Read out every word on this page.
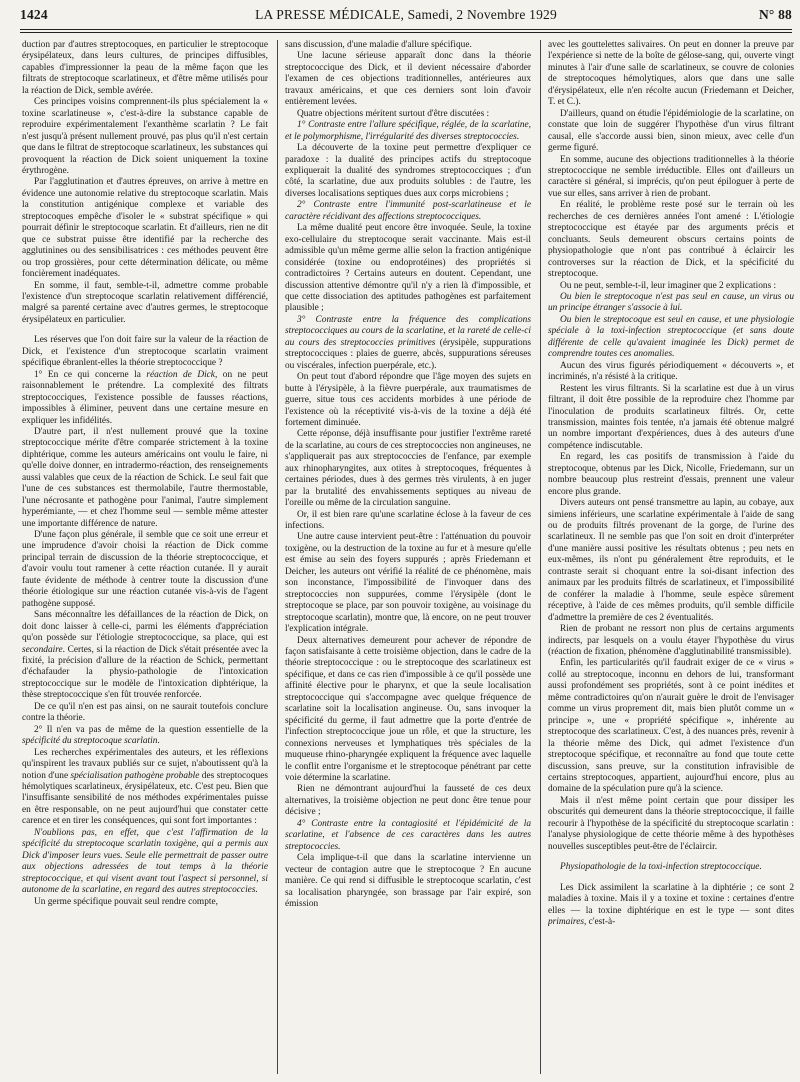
1424	LA PRESSE MÉDICALE, Samedi, 2 Novembre 1929	N° 88

duction par d'autres streptocoques, en particulier le streptocoque érysipélateux, dans leurs cultures, de principes diffusibles, capables d'impressionner la peau de la même façon que les filtrats de streptocoque scarlatineux, et d'être même utilisés pour la réaction de Dick, semble avérée.

Ces principes voisins comprennent-ils plus spécialement la « toxine scarlatineuse », c'est-à-dire la substance capable de reproduire expérimentalement l'exanthème scarlatin ? Le fait n'est jusqu'à présent nullement prouvé, pas plus qu'il n'est certain que dans le filtrat de streptocoque scarlatineux, les substances qui provoquent la réaction de Dick soient uniquement la toxine érythrogène.

Par l'agglutination et d'autres épreuves, on arrive à mettre en évidence une autonomie relative du streptocoque scarlatin. Mais la constitution antigénique complexe et variable des streptocoques empêche d'isoler le « substrat spécifique » qui pourrait définir le streptocoque scarlatin. Et d'ailleurs, rien ne dit que ce substrat puisse être identifié par la recherche des agglutinines ou des sensibilisatrices : ces méthodes peuvent être ou trop grossières, pour cette détermination délicate, ou même foncièrement inadéquates.

En somme, il faut, semble-t-il, admettre comme probable l'existence d'un streptocoque scarlatin relativement différencié, malgré sa parenté certaine avec d'autres germes, le streptocoque érysipélateux en particulier.

Les réserves que l'on doit faire sur la valeur de la réaction de Dick, et l'existence d'un streptocoque scarlatin vraiment spécifique ébranlent-elles la théorie streptococcique ?

1° En ce qui concerne la réaction de Dick, on ne peut raisonnablement le prétendre. La complexité des filtrats streptococciques, l'existence possible de fausses réactions, impossibles à éliminer, peuvent dans une certaine mesure en expliquer les infidélités.

D'autre part, il n'est nullement prouvé que la toxine streptococcique mérite d'être comparée strictement à la toxine diphtérique, comme les auteurs américains ont voulu le faire, ni qu'elle doive donner, en intradermo-réaction, des renseignements aussi valables que ceux de la réaction de Schick. Le seul fait que l'une de ces substances est thermolabile, l'autre thermostable, l'une nécrosante et pathogène pour l'animal, l'autre simplement hyperémiante, — et chez l'homme seul — semble même attester une importante différence de nature.

D'une façon plus générale, il semble que ce soit une erreur et une imprudence d'avoir choisi la réaction de Dick comme principal terrain de discussion de la théorie streptococcique, et d'avoir voulu tout ramener à cette réaction cutanée. Il y aurait faute évidente de méthode à centrer toute la discussion d'une théorie étiologique sur une réaction cutanée vis-à-vis de l'agent pathogène supposé.

Sans méconnaître les défaillances de la réaction de Dick, on doit donc laisser à celle-ci, parmi les éléments d'appréciation qu'on possède sur l'étiologie streptococcique, sa place, qui est secondaire. Certes, si la réaction de Dick s'était présentée avec la fixité, la précision d'allure de la réaction de Schick, permettant d'échafauder la physio-pathologie de l'intoxication streptococcique sur le modèle de l'intoxication diphtérique, la thèse streptococcique s'en fût trouvée renforcée.

De ce qu'il n'en est pas ainsi, on ne saurait toutefois conclure contre la théorie.

2° Il n'en va pas de même de la question essentielle de la spécificité du streptocoque scarlatin.

Les recherches expérimentales des auteurs, et les réflexions qu'inspirent les travaux publiés sur ce sujet, n'aboutissent qu'à la notion d'une spécialisation pathogène probable des streptocoques hémolytiques scarlatineux, érysipélateux, etc. C'est peu. Bien que l'insuffisante sensibilité de nos méthodes expérimentales puisse en être responsable, on ne peut aujourd'hui que constater cette carence et en tirer les conséquences, qui sont fort importantes :

N'oublions pas, en effet, que c'est l'affirmation de la spécificité du streptocoque scarlatin toxigène, qui a permis aux Dick d'imposer leurs vues. Seule elle permettrait de passer outre aux objections adressées de tout temps à la théorie streptococcique, et qui visent avant tout l'aspect si personnel, si autonome de la scarlatine, en regard des autres streptococcies.

Un germe spécifique pouvait seul rendre compte,

sans discussion, d'une maladie d'allure spécifique.

Une lacune sérieuse apparaît donc dans la théorie streptococcique des Dick, et il devient nécessaire d'aborder l'examen de ces objections traditionnelles, antérieures aux travaux américains, et que ces derniers sont loin d'avoir entièrement levées.

Quatre objections méritent surtout d'être discutées :

1° Contraste entre l'allure spécifique, réglée, de la scarlatine, et le polymorphisme, l'irrégularité des diverses streptococcies.

La découverte de la toxine peut permettre d'expliquer ce paradoxe : la dualité des principes actifs du streptocoque expliquerait la dualité des syndromes streptococciques ; d'un côté, la scarlatine, due aux produits solubles : de l'autre, les diverses localisations septiques dues aux corps microbiens ;

2° Contraste entre l'immunité post-scarlatineuse et le caractère récidivant des affections streptococciques.

La même dualité peut encore être invoquée. Seule, la toxine exo-cellulaire du streptocoque serait vaccinante. Mais est-il admissible qu'un même germe allie selon la fraction antigénique considérée (toxine ou endoprotéines) des propriétés si contradictoires ? Certains auteurs en doutent. Cependant, une discussion attentive démontre qu'il n'y a rien là d'impossible, et que cette dissociation des aptitudes pathogènes est parfaitement plausible ;

3° Contraste entre la fréquence des complications streptococciques au cours de la scarlatine, et la rareté de celle-ci au cours des streptococcies primitives (érysipèle, suppurations streptococciques : plaies de guerre, abcès, suppurations séreuses ou viscérales, infection puerpérale, etc.).

On peut tout d'abord répondre que l'âge moyen des sujets en butte à l'érysipèle, à la fièvre puerpérale, aux traumatismes de guerre, situe tous ces accidents morbides à une période de l'existence où la réceptivité vis-à-vis de la toxine a déjà été fortement diminuée.

Cette réponse, déjà insuffisante pour justifier l'extrême rareté de la scarlatine, au cours de ces streptococcies non angineuses, ne s'appliquerait pas aux streptococcies de l'enfance, par exemple aux rhinopharyngites, aux otites à streptocoques, fréquentes à certaines périodes, dues à des germes très virulents, à en juger par la brutalité des envahissements septiques au niveau de l'oreille ou même de la circulation sanguine.

Or, il est bien rare qu'une scarlatine éclose à la faveur de ces infections.

Une autre cause intervient peut-être : l'atténuation du pouvoir toxigène, ou la destruction de la toxine au fur et à mesure qu'elle est émise au sein des foyers suppurés ; après Friedemann et Deicher, les auteurs ont vérifié la réalité de ce phénomène, mais son inconstance, l'impossibilité de l'invoquer dans des streptococcies non suppurées, comme l'érysipèle (dont le streptocoque se place, par son pouvoir toxigène, au voisinage du streptocoque scarlatin), montre que, là encore, on ne peut trouver l'explication intégrale.

Deux alternatives demeurent pour achever de répondre de façon satisfaisante à cette troisième objection, dans le cadre de la théorie streptococcique : ou le streptocoque des scarlatineux est spécifique, et dans ce cas rien d'impossible à ce qu'il possède une affinité élective pour le pharynx, et que la seule localisation streptococcique qui s'accompagne avec quelque fréquence de scarlatine soit la localisation angineuse. Ou, sans invoquer la spécificité du germe, il faut admettre que la porte d'entrée de l'infection streptococcique joue un rôle, et que la structure, les connexions nerveuses et lymphatiques très spéciales de la muqueuse rhino-pharyngée expliquent la fréquence avec laquelle le conflit entre l'organisme et le streptocoque pénétrant par cette voie détermine la scarlatine.

Rien ne démontrant aujourd'hui la fausseté de ces deux alternatives, la troisième objection ne peut donc être tenue pour décisive ;

4° Contraste entre la contagiosité et l'épidémicité de la scarlatine, et l'absence de ces caractères dans les autres streptococcies.

Cela implique-t-il que dans la scarlatine intervienne un vecteur de contagion autre que le streptocoque ? En aucune manière. Ce qui rend si diffusible le streptocoque scarlatin, c'est sa localisation pharyngée, son brassage par l'air expiré, son émission

avec les gouttelettes salivaires. On peut en donner la preuve par l'expérience si nette de la boîte de gélose-sang, qui, ouverte vingt minutes à l'air d'une salle de scarlatineux, se couvre de colonies de streptocoques hémolytiques, alors que dans une salle d'érysipélateux, elle n'en récolte aucun (Friedemann et Deicher, T. et C.).

D'ailleurs, quand on étudie l'épidémiologie de la scarlatine, on constate que loin de suggérer l'hypothèse d'un virus filtrant causal, elle s'accorde aussi bien, sinon mieux, avec celle d'un germe figuré.

En somme, aucune des objections traditionnelles à la théorie streptococcique ne semble irréductible. Elles ont d'ailleurs un caractère si général, si imprécis, qu'on peut épiloguer à perte de vue sur elles, sans arriver à rien de probant.

En réalité, le problème reste posé sur le terrain où les recherches de ces dernières années l'ont amené : L'étiologie streptococcique est étayée par des arguments précis et concluants. Seuls demeurent obscurs certains points de physiopathologie que n'ont pas contribué à éclaircir les controverses sur la réaction de Dick, et la spécificité du streptocoque.

Ou ne peut, semble-t-il, leur imaginer que 2 explications :

Ou bien le streptocoque n'est pas seul en cause, un virus ou un principe étranger s'associe à lui.

Ou bien le streptocoque est seul en cause, et une physiologie spéciale à la toxi-infection streptococcique (et sans doute différente de celle qu'avaient imaginée les Dick) permet de comprendre toutes ces anomalies.

Aucun des virus figurés périodiquement « découverts », et incriminés, n'a résisté à la critique.

Restent les virus filtrants. Si la scarlatine est due à un virus filtrant, il doit être possible de la reproduire chez l'homme par l'inoculation de produits scarlatineux filtrés. Or, cette transmission, maintes fois tentée, n'a jamais été obtenue malgré un nombre important d'expériences, dues à des auteurs d'une compétence indiscutable.

En regard, les cas positifs de transmission à l'aide du streptocoque, obtenus par les Dick, Nicolle, Friedemann, sur un nombre beaucoup plus restreint d'essais, prennent une valeur encore plus grande.

Divers auteurs ont pensé transmettre au lapin, au cobaye, aux simiens inférieurs, une scarlatine expérimentale à l'aide de sang ou de produits filtrés provenant de la gorge, de l'urine des scarlatineux. Il ne semble pas que l'on soit en droit d'interpréter d'une manière aussi positive les résultats obtenus ; peu nets en eux-mêmes, ils n'ont pu généralement être reproduits, et le contraste serait si choquant entre la soi-disant infection des animaux par les produits filtrés de scarlatineux, et l'impossibilité de conférer la maladie à l'homme, seule espèce sûrement réceptive, à l'aide de ces mêmes produits, qu'il semble difficile d'admettre la première de ces 2 éventualités.

Rien de probant ne ressort non plus de certains arguments indirects, par lesquels on a voulu étayer l'hypothèse du virus (réaction de fixation, phénomène d'agglutinabilité transmissible).

Enfin, les particularités qu'il faudrait exiger de ce « virus » collé au streptocoque, inconnu en dehors de lui, transformant aussi profondément ses propriétés, sont à ce point inédites et même contradictoires qu'on n'aurait guère le droit de l'envisager comme un virus proprement dit, mais bien plutôt comme un « principe », une « propriété spécifique », inhérente au streptocoque des scarlatineux. C'est, à des nuances près, revenir à la théorie même des Dick, qui admet l'existence d'un streptocoque spécifique, et reconnaître au fond que toute cette discussion, sans preuve, sur la constitution infravisible de certains streptocoques, appartient, aujourd'hui encore, plus au domaine de la spéculation pure qu'à la science.

Mais il n'est même point certain que pour dissiper les obscurités qui demeurent dans la théorie streptococcique, il faille recourir à l'hypothèse de la spécificité du streptocoque scarlatin : l'analyse physiologique de cette théorie même à des hypothèses nouvelles susceptibles peut-être de l'éclaircir.

Physiopathologie de la toxi-infection streptococcique.

Les Dick assimilent la scarlatine à la diphtérie ; ce sont 2 maladies à toxine. Mais il y a toxine et toxine : certaines d'entre elles — la toxine diphtérique en est le type — sont dites primaires, c'est-à-
